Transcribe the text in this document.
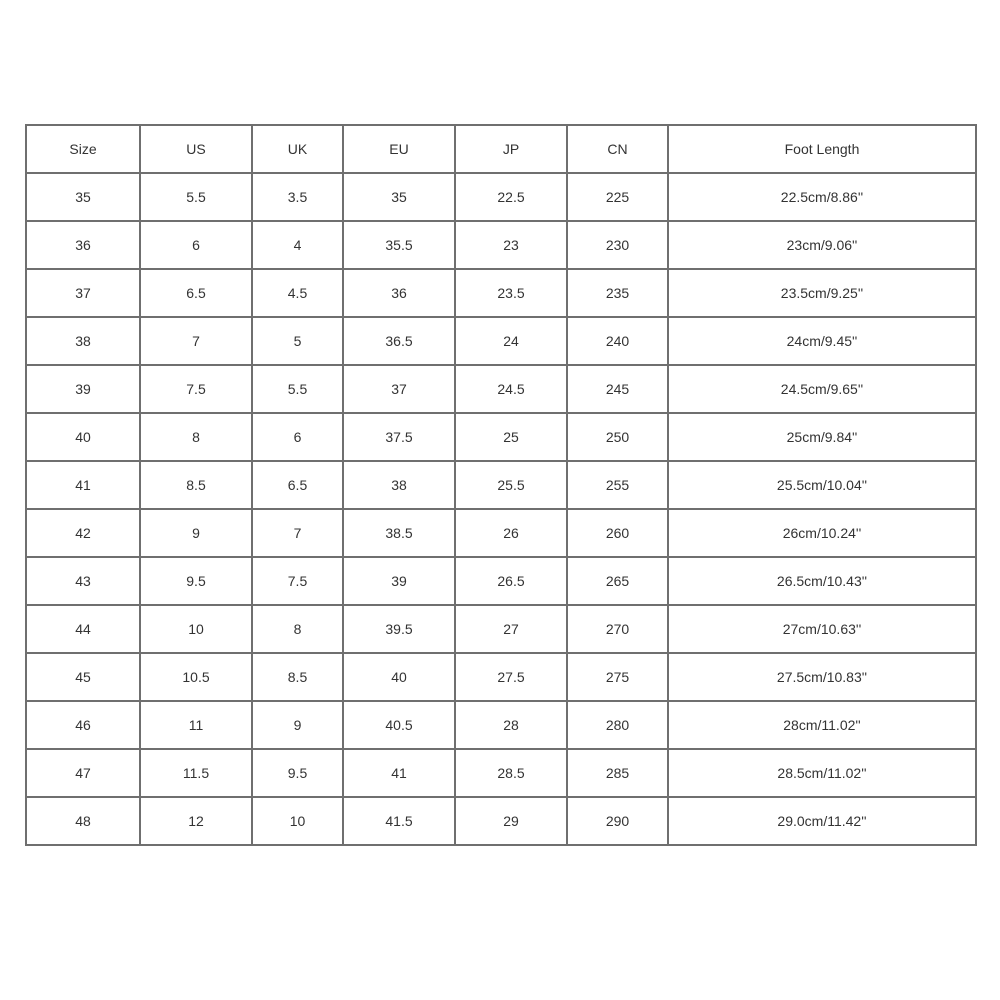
Size	US	UK	EU	JP	CN	Foot Length
35	5.5	3.5	35	22.5	225	22.5cm/8.86''
36	6	4	35.5	23	230	23cm/9.06''
37	6.5	4.5	36	23.5	235	23.5cm/9.25''
38	7	5	36.5	24	240	24cm/9.45''
39	7.5	5.5	37	24.5	245	24.5cm/9.65''
40	8	6	37.5	25	250	25cm/9.84''
41	8.5	6.5	38	25.5	255	25.5cm/10.04''
42	9	7	38.5	26	260	26cm/10.24''
43	9.5	7.5	39	26.5	265	26.5cm/10.43''
44	10	8	39.5	27	270	27cm/10.63''
45	10.5	8.5	40	27.5	275	27.5cm/10.83''
46	11	9	40.5	28	280	28cm/11.02''
47	11.5	9.5	41	28.5	285	28.5cm/11.02''
48	12	10	41.5	29	290	29.0cm/11.42''
